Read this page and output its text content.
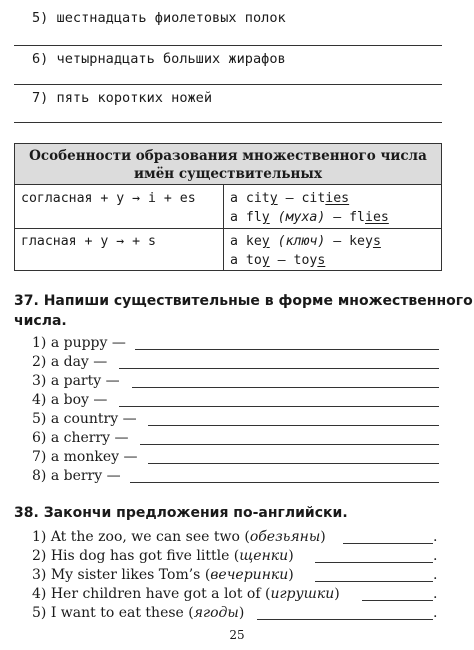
5) шестнадцать фиолетовых полок
6) четырнадцать больших жирафов
7) пять коротких ножей
Особенности образования множественного числа
имён существительных
согласная + y → i + es	a city — cities
a fly (муха) — flies
гласная + y → + s	a key (ключ) — keys
a toy — toys
37. Напиши существительные в форме множественного
числа.
1) a puppy —
2) a day —
3) a party —
4) a boy —
5) a country —
6) a cherry —
7) a monkey —
8) a berry —
38. Закончи предложения по-английски.
1) At the zoo, we can see two (обезьяны)	.
2) His dog has got five little (щенки)	.
3) My sister likes Tom’s (вечеринки)	.
4) Her children have got a lot of (игрушки)	.
5) I want to eat these (ягоды)	.
25
